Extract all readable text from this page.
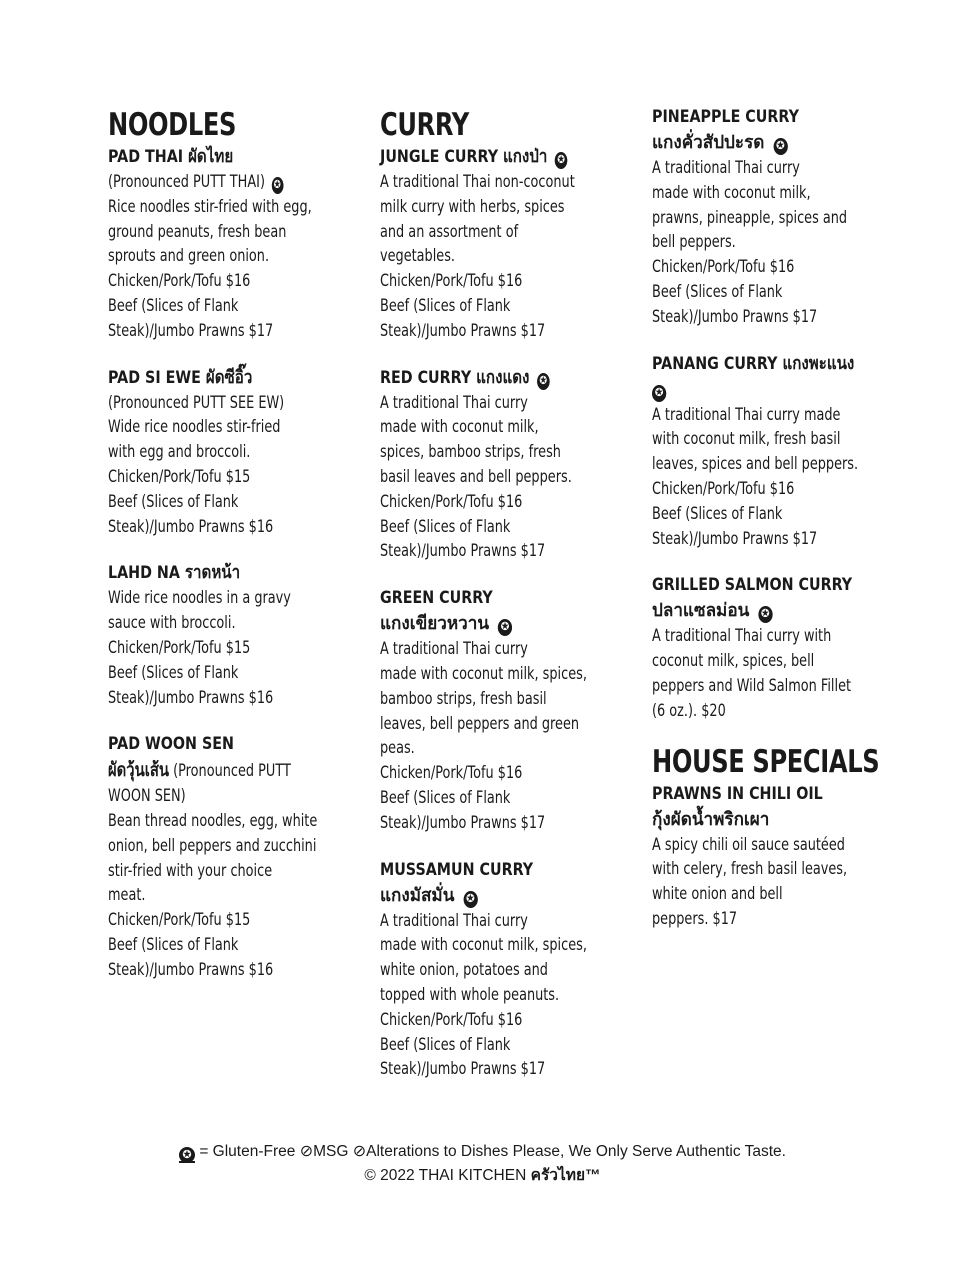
NOODLES
PAD THAI ผัดไทย
(Pronounced PUTT THAI) ✪
Rice noodles stir-fried with egg,
ground peanuts, fresh bean
sprouts and green onion.
Chicken/Pork/Tofu $16
Beef (Slices of Flank
Steak)/Jumbo Prawns $17
PAD SI EWE ผัดซีอิ๊ว
(Pronounced PUTT SEE EW)
Wide rice noodles stir-fried
with egg and broccoli.
Chicken/Pork/Tofu $15
Beef (Slices of Flank
Steak)/Jumbo Prawns $16
LAHD NA ราดหน้า
Wide rice noodles in a gravy
sauce with broccoli.
Chicken/Pork/Tofu $15
Beef (Slices of Flank
Steak)/Jumbo Prawns $16
PAD WOON SEN
ผัดวุ้นเส้น (Pronounced PUTT
WOON SEN)
Bean thread noodles, egg, white
onion, bell peppers and zucchini
stir-fried with your choice
meat.
Chicken/Pork/Tofu $15
Beef (Slices of Flank
Steak)/Jumbo Prawns $16
CURRY
JUNGLE CURRY แกงป่า ✪
A traditional Thai non-coconut
milk curry with herbs, spices
and an assortment of
vegetables.
Chicken/Pork/Tofu $16
Beef (Slices of Flank
Steak)/Jumbo Prawns $17
RED CURRY แกงแดง ✪
A traditional Thai curry
made with coconut milk,
spices, bamboo strips, fresh
basil leaves and bell peppers.
Chicken/Pork/Tofu $16
Beef (Slices of Flank
Steak)/Jumbo Prawns $17
GREEN CURRY
แกงเขียวหวาน ✪
A traditional Thai curry
made with coconut milk, spices,
bamboo strips, fresh basil
leaves, bell peppers and green
peas.
Chicken/Pork/Tofu $16
Beef (Slices of Flank
Steak)/Jumbo Prawns $17
MUSSAMUN CURRY
แกงมัสมั่น ✪
A traditional Thai curry
made with coconut milk, spices,
white onion, potatoes and
topped with whole peanuts.
Chicken/Pork/Tofu $16
Beef (Slices of Flank
Steak)/Jumbo Prawns $17
PINEAPPLE CURRY
แกงคั่วสัปปะรด ✪
A traditional Thai curry
made with coconut milk,
prawns, pineapple, spices and
bell peppers.
Chicken/Pork/Tofu $16
Beef (Slices of Flank
Steak)/Jumbo Prawns $17
PANANG CURRY แกงพะแนง
✪
A traditional Thai curry made
with coconut milk, fresh basil
leaves, spices and bell peppers.
Chicken/Pork/Tofu $16
Beef (Slices of Flank
Steak)/Jumbo Prawns $17
GRILLED SALMON CURRY
ปลาแซลม่อน ✪
A traditional Thai curry with
coconut milk, spices, bell
peppers and Wild Salmon Fillet
(6 oz.). $20
HOUSE SPECIALS
PRAWNS IN CHILI OIL
กุ้งผัดน้ำพริกเผา
A spicy chili oil sauce sautéed
with celery, fresh basil leaves,
white onion and bell
peppers. $17
✪ = Gluten-Free ⊘MSG ⊘Alterations to Dishes Please, We Only Serve Authentic Taste.
© 2022 THAI KITCHEN ครัวไทย™
